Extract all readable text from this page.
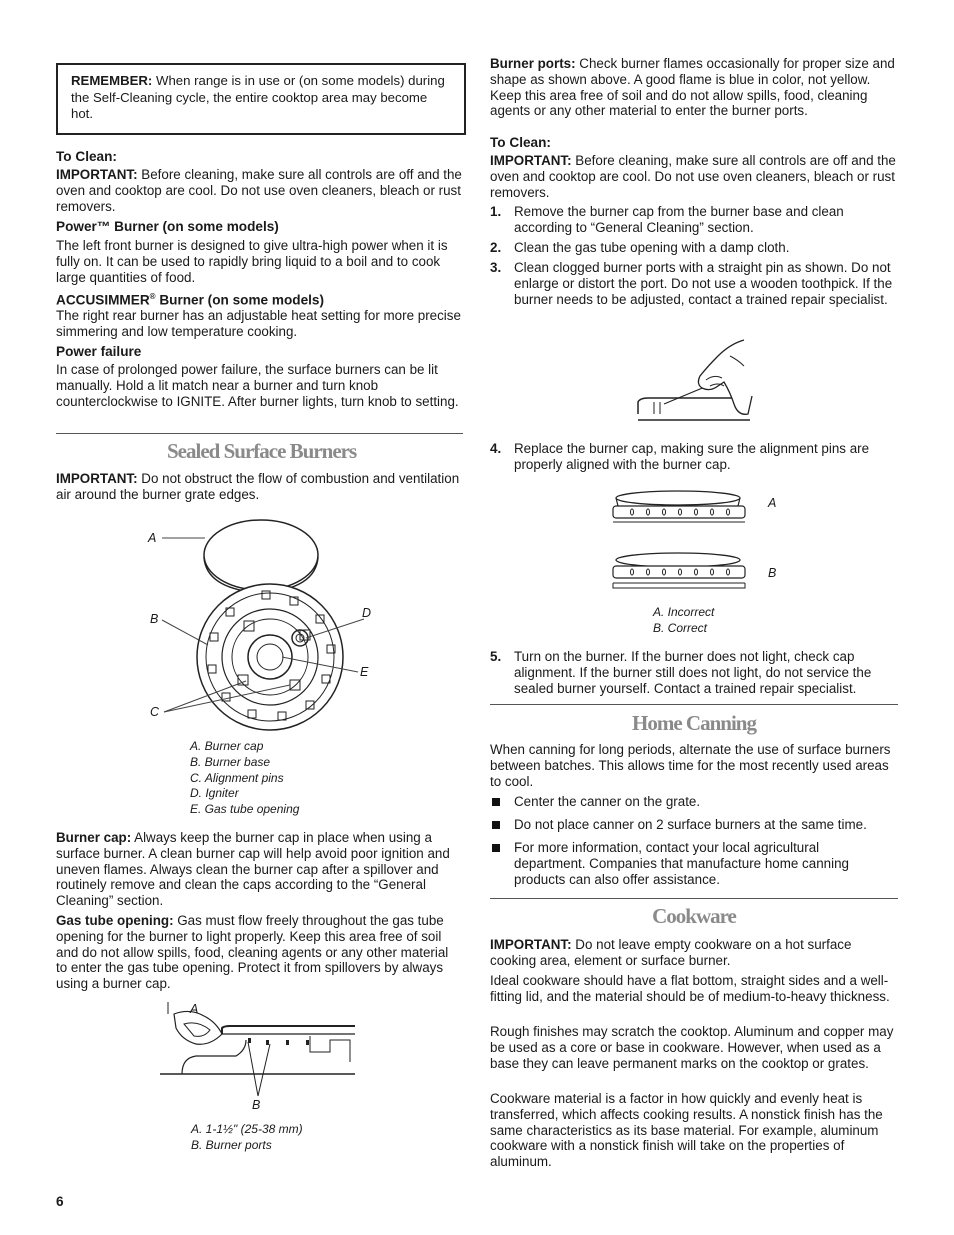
REMEMBER: When range is in use or (on some models) during the Self-Cleaning cycle, the entire cooktop area may become hot.

To Clean:

IMPORTANT: Before cleaning, make sure all controls are off and the oven and cooktop are cool. Do not use oven cleaners, bleach or rust removers.

Power™ Burner (on some models)

The left front burner is designed to give ultra-high power when it is fully on. It can be used to rapidly bring liquid to a boil and to cook large quantities of food.

ACCUSIMMER® Burner (on some models)

The right rear burner has an adjustable heat setting for more precise simmering and low temperature cooking.

Power failure

In case of prolonged power failure, the surface burners can be lit manually. Hold a lit match near a burner and turn knob counterclockwise to IGNITE. After burner lights, turn knob to setting.

Sealed Surface Burners

IMPORTANT: Do not obstruct the flow of combustion and ventilation air around the burner grate edges.

A
B	D
E
C
A. Burner cap
B. Burner base
C. Alignment pins
D. Igniter
E. Gas tube opening

Burner cap: Always keep the burner cap in place when using a surface burner. A clean burner cap will help avoid poor ignition and uneven flames. Always clean the burner cap after a spillover and routinely remove and clean the caps according to the “General Cleaning” section.

Gas tube opening: Gas must flow freely throughout the gas tube opening for the burner to light properly. Keep this area free of soil and do not allow spills, food, cleaning agents or any other material to enter the gas tube opening. Protect it from spillovers by always using a burner cap.

A
B
A. 1-1½" (25-38 mm)
B. Burner ports
6

Burner ports: Check burner flames occasionally for proper size and shape as shown above. A good flame is blue in color, not yellow. Keep this area free of soil and do not allow spills, food, cleaning agents or any other material to enter the burner ports.

To Clean:

IMPORTANT: Before cleaning, make sure all controls are off and the oven and cooktop are cool. Do not use oven cleaners, bleach or rust removers.

1. Remove the burner cap from the burner base and clean according to “General Cleaning” section.
2. Clean the gas tube opening with a damp cloth.
3. Clean clogged burner ports with a straight pin as shown. Do not enlarge or distort the port. Do not use a wooden toothpick. If the burner needs to be adjusted, contact a trained repair specialist.
4. Replace the burner cap, making sure the alignment pins are properly aligned with the burner cap.
A
B
A. Incorrect
B. Correct
5. Turn on the burner. If the burner does not light, check cap alignment. If the burner still does not light, do not service the sealed burner yourself. Contact a trained repair specialist.
Home Canning

When canning for long periods, alternate the use of surface burners between batches. This allows time for the most recently used areas to cool.

Center the canner on the grate.
Do not place canner on 2 surface burners at the same time.
For more information, contact your local agricultural department. Companies that manufacture home canning products can also offer assistance.
Cookware

IMPORTANT: Do not leave empty cookware on a hot surface cooking area, element or surface burner.

Ideal cookware should have a flat bottom, straight sides and a well-fitting lid, and the material should be of medium-to-heavy thickness.

Rough finishes may scratch the cooktop. Aluminum and copper may be used as a core or base in cookware. However, when used as a base they can leave permanent marks on the cooktop or grates.

Cookware material is a factor in how quickly and evenly heat is transferred, which affects cooking results. A nonstick finish has the same characteristics as its base material. For example, aluminum cookware with a nonstick finish will take on the properties of aluminum.
